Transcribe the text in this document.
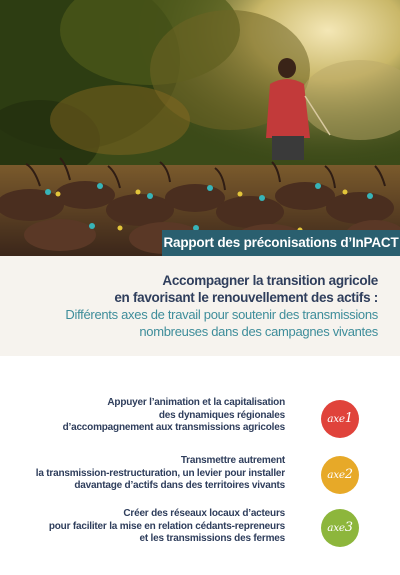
Rapport des préconisations d’InPACT
Accompagner la transition agricole
en favorisant le renouvellement des actifs :
Différents axes de travail pour soutenir des transmissions
nombreuses dans des campagnes vivantes
Appuyer l’animation et la capitalisation
des dynamiques régionales
d’accompagnement aux transmissions agricoles
axe1
Transmettre autrement
la transmission-restructuration, un levier pour installer
davantage d’actifs dans des territoires vivants
axe2
Créer des réseaux locaux d’acteurs
pour faciliter la mise en relation cédants-repreneurs
et les transmissions des fermes
axe3
